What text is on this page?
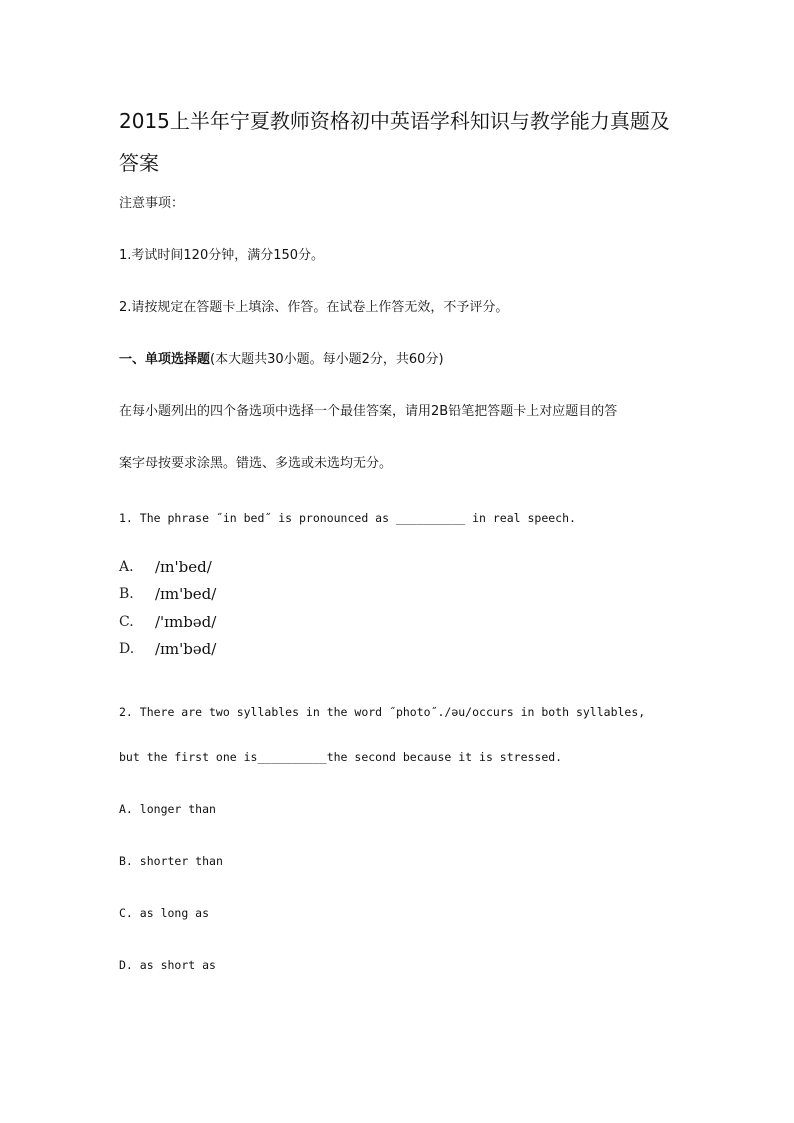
2015上半年宁夏教师资格初中英语学科知识与教学能力真题及答案

注意事项：

1.考试时间120分钟，满分150分。

2.请按规定在答题卡上填涂、作答。在试卷上作答无效，不予评分。

一、单项选择题(本大题共30小题。每小题2分，共60分)

在每小题列出的四个备选项中选择一个最佳答案，请用2B铅笔把答题卡上对应题目的答

案字母按要求涂黑。错选、多选或未选均无分。

1. The phrase ˝in bed˝ is pronounced as __________ in real speech.

A.	/ɪn'bed/
B.	/ɪm'bed/
C.	/'ɪmbəd/
D.	/ɪm'bəd/

2. There are two syllables in the word ˝photo˝./əu/occurs in both syllables,

but the first one is__________the second because it is stressed.

A. longer than

B. shorter than

C. as long as

D. as short as
